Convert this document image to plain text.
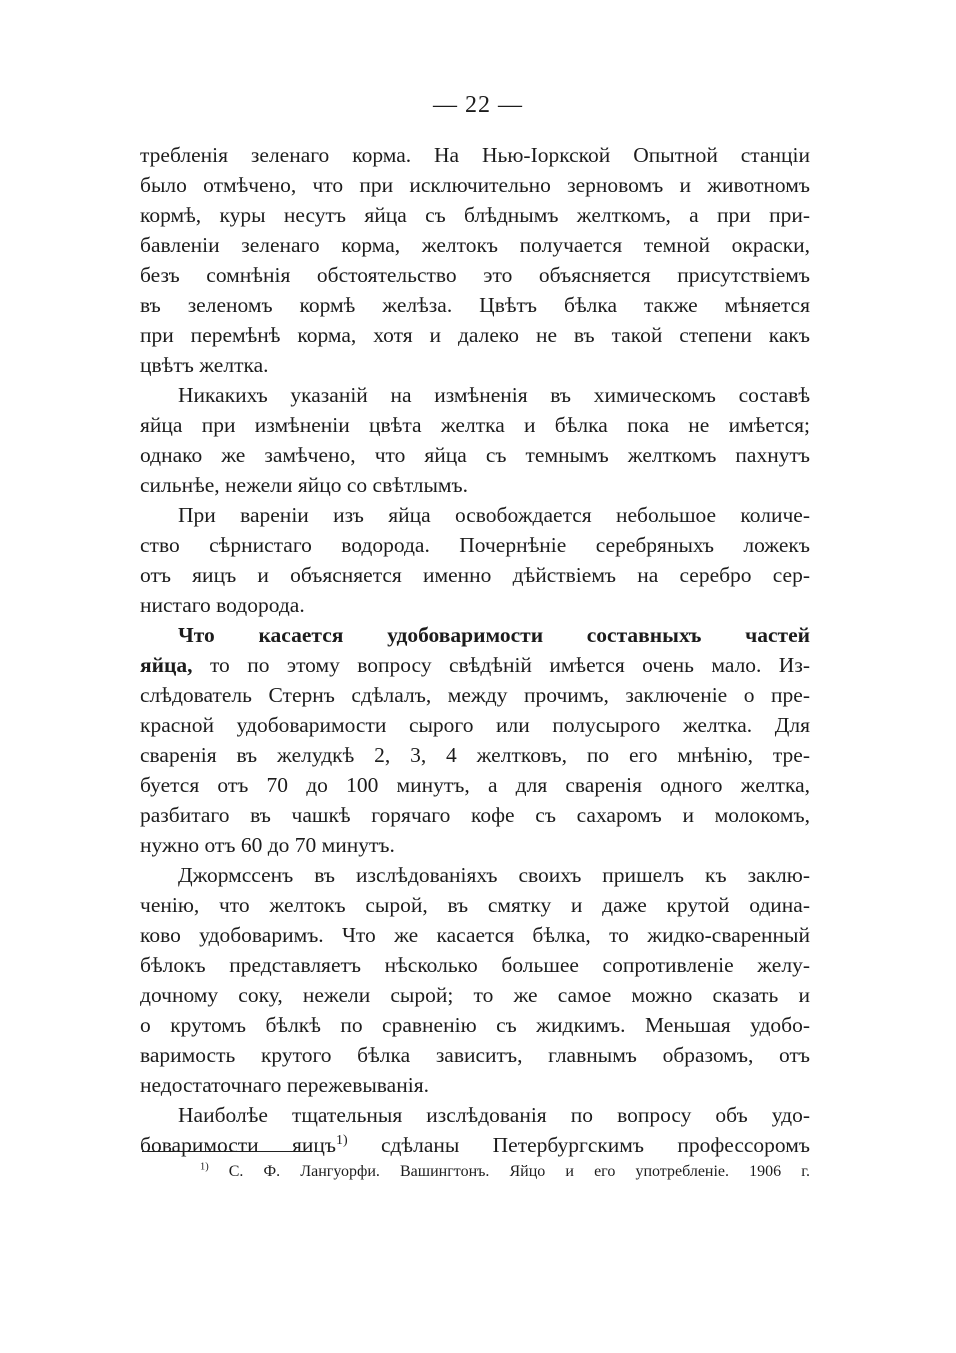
— 22 —
требленія зеленаго корма. На Нью-Іоркской Опытной станціи
было отмѣчено, что при исключительно зерновомъ и животномъ
кормѣ, куры несутъ яйца съ блѣднымъ желткомъ, а при при-
бавленіи зеленаго корма, желтокъ получается темной окраски,
безъ сомнѣнія обстоятельство это объясняется присутствіемъ
въ зеленомъ кормѣ желѣза. Цвѣтъ бѣлка также мѣняется
при перемѣнѣ корма, хотя и далеко не въ такой степени какъ
цвѣтъ желтка.
Никакихъ указаній на измѣненія въ химическомъ составѣ
яйца при измѣненіи цвѣта желтка и бѣлка пока не имѣется;
однако же замѣчено, что яйца съ темнымъ желткомъ пахнутъ
сильнѣе, нежели яйцо со свѣтлымъ.
При вареніи изъ яйца освобождается небольшое количе-
ство сѣрнистаго водорода. Почернѣніе серебряныхъ ложекъ
отъ яицъ и объясняется именно дѣйствіемъ на серебро сер-
нистаго водорода.
Что касается удобоваримости составныхъ частей
яйца, то по этому вопросу свѣдѣній имѣется очень мало. Из-
слѣдователь Стернъ сдѣлалъ, между прочимъ, заключеніе о пре-
красной удобоваримости сырого или полусырого желтка. Для
сваренія въ желудкѣ 2, 3, 4 желтковъ, по его мнѣнію, тре-
буется отъ 70 до 100 минутъ, а для сваренія одного желтка,
разбитаго въ чашкѣ горячаго кофе съ сахаромъ и молокомъ,
нужно отъ 60 до 70 минутъ.
Джормссенъ въ изслѣдованіяхъ своихъ пришелъ къ заклю-
ченію, что желтокъ сырой, въ смятку и даже крутой одина-
ково удобоваримъ. Что же касается бѣлка, то жидко-сваренный
бѣлокъ представляетъ нѣсколько большее сопротивленіе желу-
дочному соку, нежели сырой; то же самое можно сказать и
о крутомъ бѣлкѣ по сравненію съ жидкимъ. Меньшая удобо-
варимость крутого бѣлка зависитъ, главнымъ образомъ, отъ
недостаточнаго пережевыванія.
Наиболѣе тщательныя изслѣдованія по вопросу объ удо-
боваримости яицъ$^{1)}$ сдѣланы Петербургскимъ профессоромъ
$^{1)}$ С. Ф. Лангуорфи. Вашингтонъ. Яйцо и его употребленіе. 1906 г.
